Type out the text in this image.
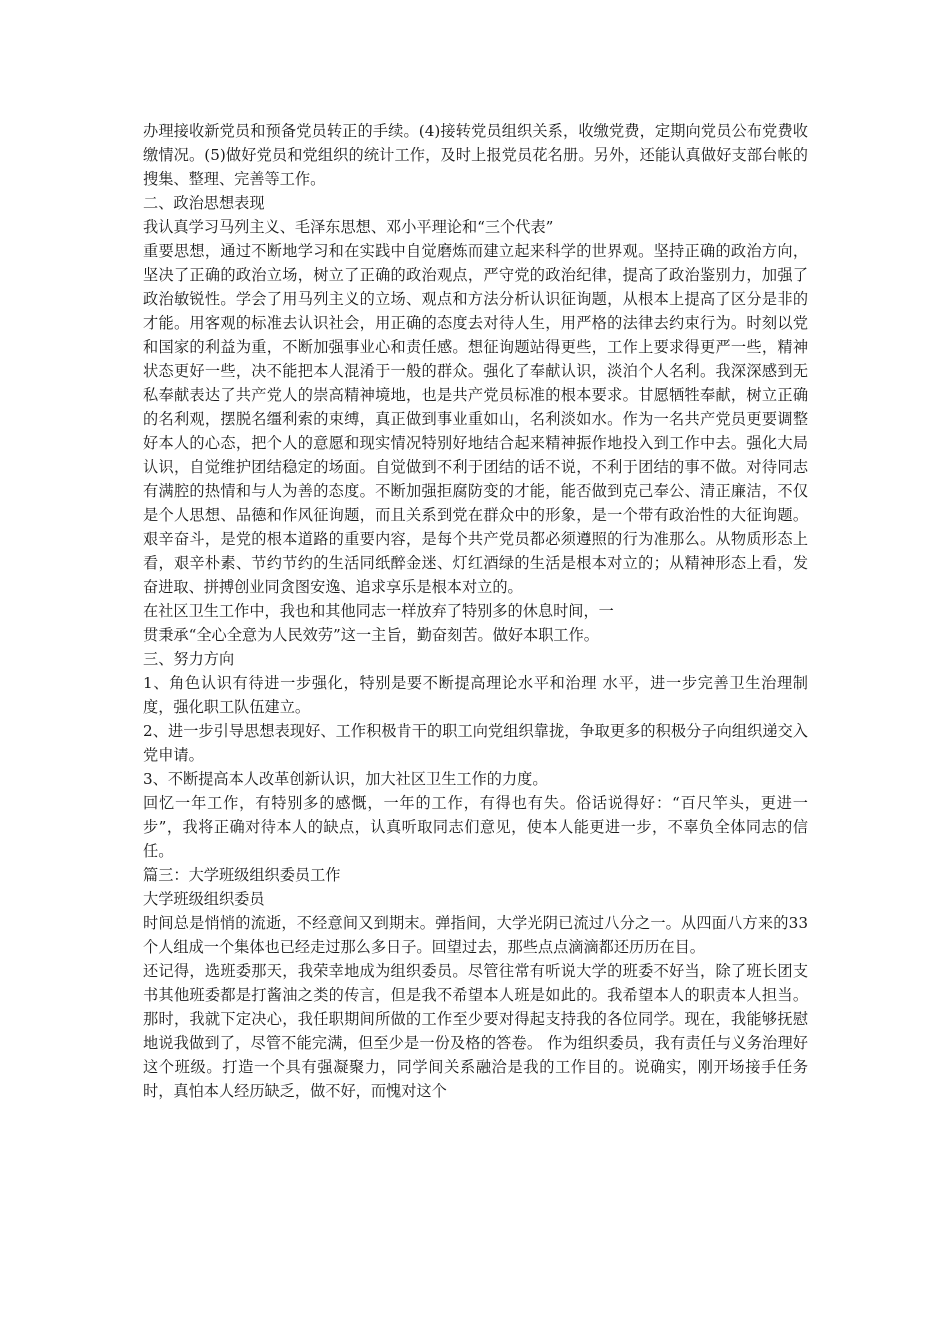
办理接收新党员和预备党员转正的手续。(4)接转党员组织关系，收缴党费，定期向党员公布党费收缴情况。(5)做好党员和党组织的统计工作，及时上报党员花名册。另外，还能认真做好支部台帐的搜集、整理、完善等工作。

二、政治思想表现

我认真学习马列主义、毛泽东思想、邓小平理论和“三个代表”

重要思想，通过不断地学习和在实践中自觉磨炼而建立起来科学的世界观。坚持正确的政治方向，坚决了正确的政治立场，树立了正确的政治观点，严守党的政治纪律，提高了政治鉴别力，加强了政治敏锐性。学会了用马列主义的立场、观点和方法分析认识征询题，从根本上提高了区分是非的才能。用客观的标准去认识社会，用正确的态度去对待人生，用严格的法律去约束行为。时刻以党和国家的利益为重，不断加强事业心和责任感。想征询题站得更些，工作上要求得更严一些，精神状态更好一些，决不能把本人混淆于一般的群众。强化了奉献认识，淡泊个人名利。我深深感到无私奉献表达了共产党人的崇高精神境地，也是共产党员标准的根本要求。甘愿牺牲奉献，树立正确的名利观，摆脱名缰利索的束缚，真正做到事业重如山，名利淡如水。作为一名共产党员更要调整好本人的心态，把个人的意愿和现实情况特别好地结合起来精神振作地投入到工作中去。强化大局认识，自觉维护团结稳定的场面。自觉做到不利于团结的话不说，不利于团结的事不做。对待同志有满腔的热情和与人为善的态度。不断加强拒腐防变的才能，能否做到克己奉公、清正廉洁，不仅是个人思想、品德和作风征询题，而且关系到党在群众中的形象，是一个带有政治性的大征询题。艰辛奋斗，是党的根本道路的重要内容，是每个共产党员都必须遵照的行为准那么。从物质形态上看，艰辛朴素、节约节约的生活同纸醉金迷、灯红酒绿的生活是根本对立的；从精神形态上看，发奋进取、拼搏创业同贪图安逸、追求享乐是根本对立的。

在社区卫生工作中，我也和其他同志一样放弃了特别多的休息时间，一

贯秉承“全心全意为人民效劳”这一主旨，勤奋刻苦。做好本职工作。

三、努力方向

1、角色认识有待进一步强化，特别是要不断提高理论水平和治理 水平，进一步完善卫生治理制度，强化职工队伍建立。

2、进一步引导思想表现好、工作积极肯干的职工向党组织靠拢，争取更多的积极分子向组织递交入党申请。

3、不断提高本人改革创新认识，加大社区卫生工作的力度。

回忆一年工作，有特别多的感慨，一年的工作，有得也有失。俗话说得好：“百尺竿头，更进一步”，我将正确对待本人的缺点，认真听取同志们意见，使本人能更进一步，不辜负全体同志的信任。

篇三：大学班级组织委员工作

大学班级组织委员

时间总是悄悄的流逝，不经意间又到期末。弹指间，大学光阴已流过八分之一。从四面八方来的33个人组成一个集体也已经走过那么多日子。回望过去，那些点点滴滴都还历历在目。

还记得，选班委那天，我荣幸地成为组织委员。尽管往常有听说大学的班委不好当，除了班长团支书其他班委都是打酱油之类的传言，但是我不希望本人班是如此的。我希望本人的职责本人担当。那时，我就下定决心，我任职期间所做的工作至少要对得起支持我的各位同学。现在，我能够抚慰地说我做到了，尽管不能完满，但至少是一份及格的答卷。 作为组织委员，我有责任与义务治理好这个班级。打造一个具有强凝聚力，同学间关系融洽是我的工作目的。说确实，刚开场接手任务时，真怕本人经历缺乏，做不好，而愧对这个
